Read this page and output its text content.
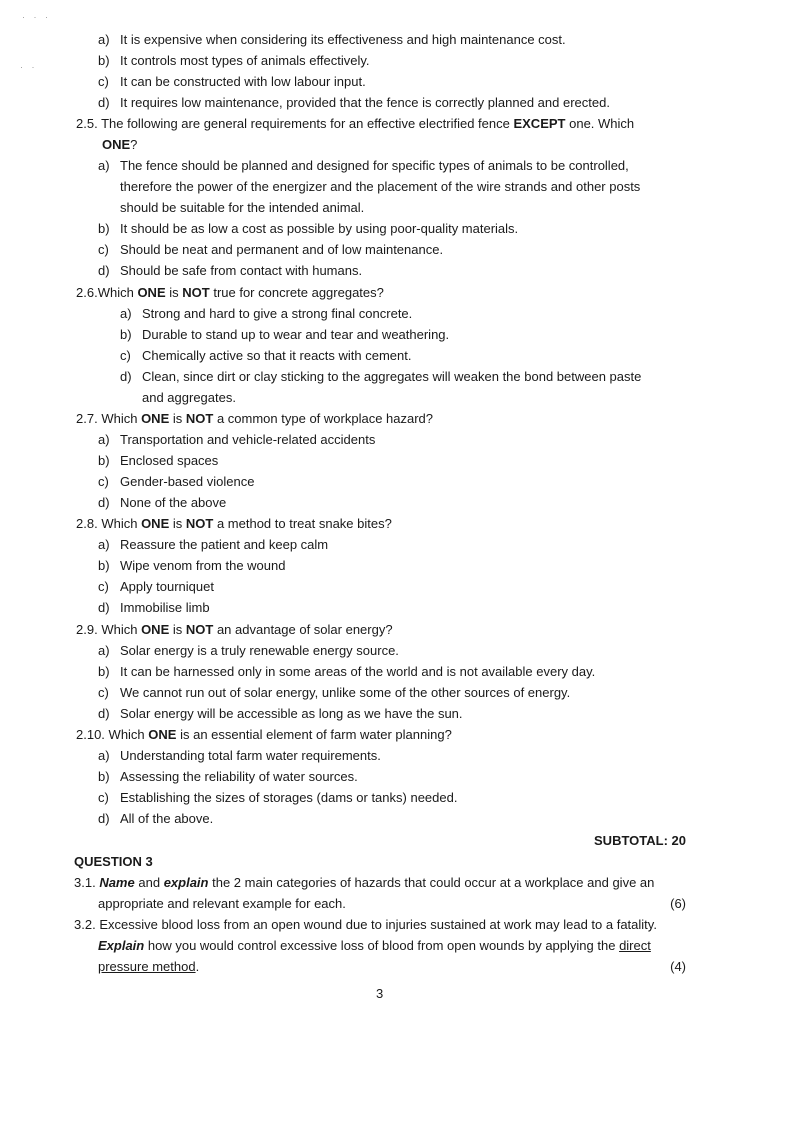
· · ·
· ·
a) It is expensive when considering its effectiveness and high maintenance cost.
b) It controls most types of animals effectively.
c) It can be constructed with low labour input.
d) It requires low maintenance, provided that the fence is correctly planned and erected.
2.5. The following are general requirements for an effective electrified fence EXCEPT one. Which
ONE?
a) The fence should be planned and designed for specific types of animals to be controlled,
therefore the power of the energizer and the placement of the wire strands and other posts
should be suitable for the intended animal.
b) It should be as low a cost as possible by using poor-quality materials.
c) Should be neat and permanent and of low maintenance.
d) Should be safe from contact with humans.
2.6.Which ONE is NOT true for concrete aggregates?
a) Strong and hard to give a strong final concrete.
b) Durable to stand up to wear and tear and weathering.
c) Chemically active so that it reacts with cement.
d) Clean, since dirt or clay sticking to the aggregates will weaken the bond between paste
and aggregates.
2.7. Which ONE is NOT a common type of workplace hazard?
a) Transportation and vehicle-related accidents
b) Enclosed spaces
c) Gender-based violence
d) None of the above
2.8. Which ONE is NOT a method to treat snake bites?
a) Reassure the patient and keep calm
b) Wipe venom from the wound
c) Apply tourniquet
d) Immobilise limb
2.9. Which ONE is NOT an advantage of solar energy?
a) Solar energy is a truly renewable energy source.
b) It can be harnessed only in some areas of the world and is not available every day.
c) We cannot run out of solar energy, unlike some of the other sources of energy.
d) Solar energy will be accessible as long as we have the sun.
2.10. Which ONE is an essential element of farm water planning?
a) Understanding total farm water requirements.
b) Assessing the reliability of water sources.
c) Establishing the sizes of storages (dams or tanks) needed.
d) All of the above.
SUBTOTAL: 20
QUESTION 3
3.1. Name and explain the 2 main categories of hazards that could occur at a workplace and give an
appropriate and relevant example for each.	(6)
3.2. Excessive blood loss from an open wound due to injuries sustained at work may lead to a fatality.
Explain how you would control excessive loss of blood from open wounds by applying the direct
pressure method.	(4)
3
